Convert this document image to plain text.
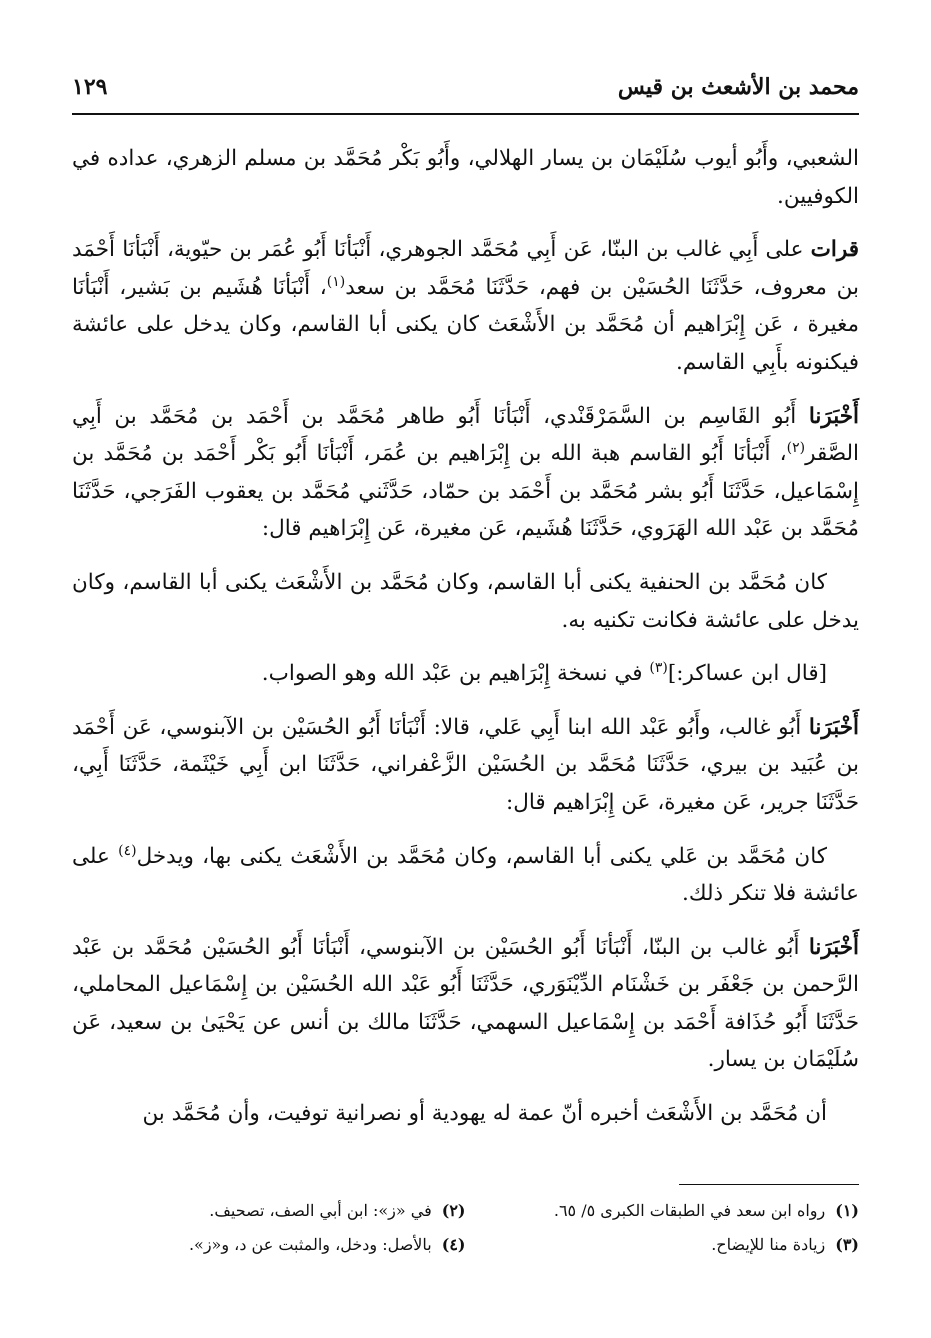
محمد بن الأشعث بن قيس
١٢٩

الشعبي، وأَبُو أيوب سُلَيْمَان بن يسار الهلالي، وأَبُو بَكْر مُحَمَّد بن مسلم الزهري، عداده في الكوفيين.

قرات على أَبِي غالب بن البنّا، عَن أَبِي مُحَمَّد الجوهري، أَنْبَأنَا أَبُو عُمَر بن حيّوية، أَنْبَأنَا أَحْمَد بن معروف، حَدَّثَنَا الحُسَيْن بن فهم، حَدَّثَنَا مُحَمَّد بن سعد$^{(١)}$، أَنْبَأنَا هُشَيم بن بَشير، أَنْبَأنَا مغيرة ، عَن إِبْرَاهيم أن مُحَمَّد بن الأَشْعَث كان يكنى أبا القاسم، وكان يدخل على عائشة فيكنونه بأَبِي القاسم.

أَخْبَرَنا أَبُو القَاسِم بن السَّمَرْقَنْدي، أَنْبَأنَا أَبُو طاهر مُحَمَّد بن أَحْمَد بن مُحَمَّد بن أَبِي الصَّقر$^{(٢)}$، أَنْبَأنَا أَبُو القاسم هبة الله بن إِبْرَاهيم بن عُمَر، أَنْبَأنَا أَبُو بَكْر أَحْمَد بن مُحَمَّد بن إِسْمَاعيل، حَدَّثَنَا أَبُو بشر مُحَمَّد بن أَحْمَد بن حمّاد، حَدَّثَني مُحَمَّد بن يعقوب الفَرَجي، حَدَّثَنَا مُحَمَّد بن عَبْد الله الهَرَوي، حَدَّثَنَا هُشَيم، عَن مغيرة، عَن إِبْرَاهيم قال:

كان مُحَمَّد بن الحنفية يكنى أبا القاسم، وكان مُحَمَّد بن الأَشْعَث يكنى أبا القاسم، وكان يدخل على عائشة فكانت تكنيه به.

[قال ابن عساكر:]$^{(٣)}$ في نسخة إِبْرَاهيم بن عَبْد الله وهو الصواب.

أَخْبَرَنا أَبُو غالب، وأَبُو عَبْد الله ابنا أَبِي عَلي، قالا: أَنْبَأنَا أَبُو الحُسَيْن بن الآبنوسي، عَن أَحْمَد بن عُبَيد بن بيري، حَدَّثَنَا مُحَمَّد بن الحُسَيْن الزَّعْفراني، حَدَّثَنَا ابن أَبِي خَيْثَمة، حَدَّثَنَا أَبِي، حَدَّثَنَا جرير، عَن مغيرة، عَن إِبْرَاهيم قال:

كان مُحَمَّد بن عَلي يكنى أبا القاسم، وكان مُحَمَّد بن الأَشْعَث يكنى بها، ويدخل$^{(٤)}$ على عائشة فلا تنكر ذلك.

أَخْبَرَنا أَبُو غالب بن البنّا، أَنْبَأنَا أَبُو الحُسَيْن بن الآبنوسي، أَنْبَأنَا أَبُو الحُسَيْن مُحَمَّد بن عَبْد الرَّحمن بن جَعْفَر بن خَشْنَام الدِّيْنَوَري، حَدَّثَنَا أَبُو عَبْد الله الحُسَيْن بن إِسْمَاعيل المحاملي، حَدَّثَنَا أَبُو حُذَافة أَحْمَد بن إِسْمَاعيل السهمي، حَدَّثَنَا مالك بن أنس عن يَحْيَىٰ بن سعيد، عَن سُلَيْمَان بن يسار.

أن مُحَمَّد بن الأَشْعَث أخبره أنّ عمة له يهودية أو نصرانية توفيت، وأن مُحَمَّد بن

(١)رواه ابن سعد في الطبقات الكبرى ٥/ ٦٥.
(٢)في «ز»: ابن أبي الصف، تصحيف.
(٣)زيادة منا للإيضاح.
(٤)بالأصل: ودخل، والمثبت عن د، و«ز».
